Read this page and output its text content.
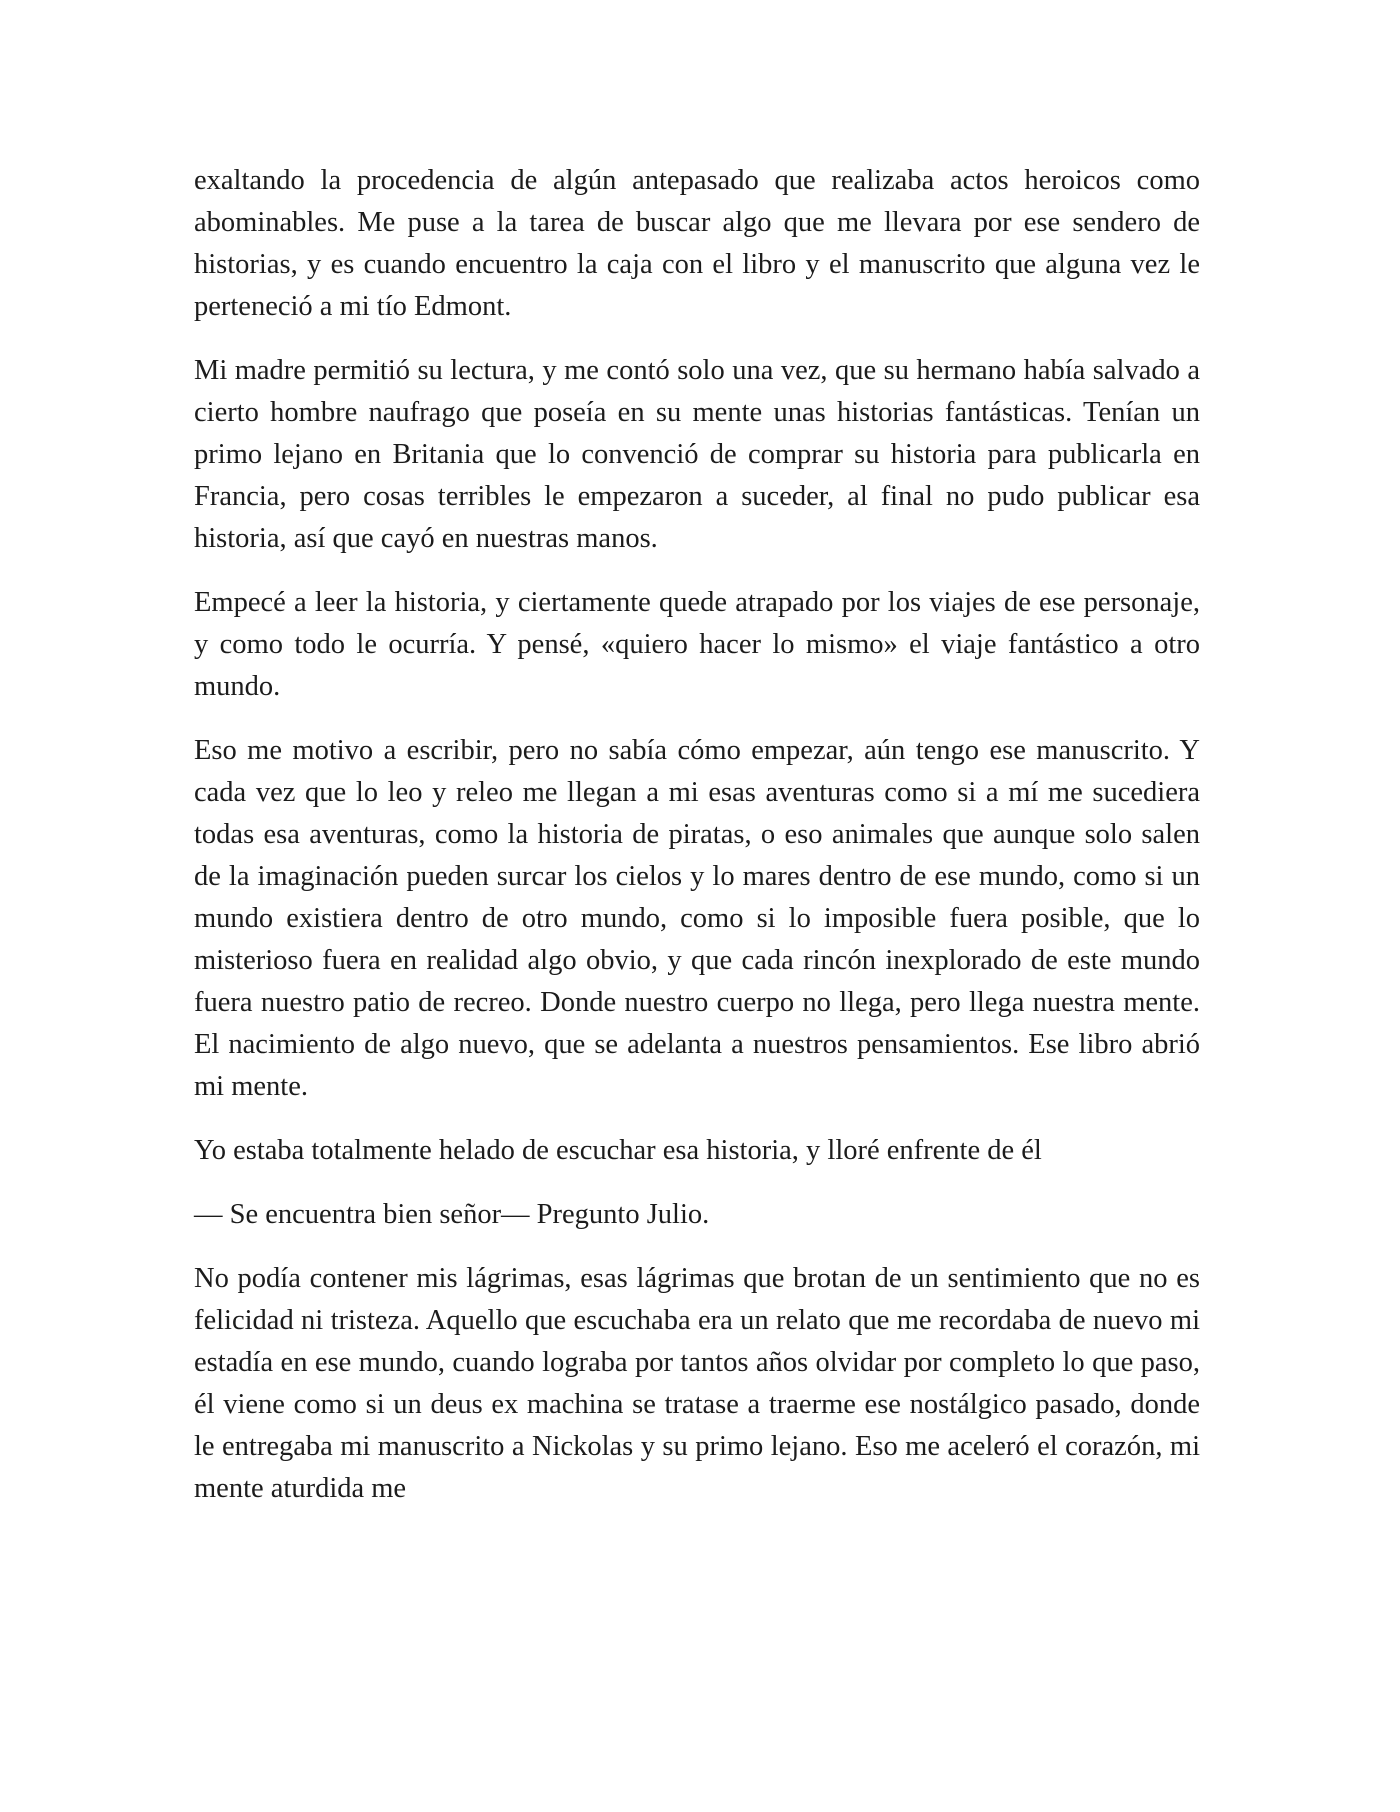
exaltando la procedencia de algún antepasado que realizaba actos heroicos como abominables. Me puse a la tarea de buscar algo que me llevara por ese sendero de historias, y es cuando encuentro la caja con el libro y el manuscrito que alguna vez le perteneció a mi tío Edmont.

Mi madre permitió su lectura, y me contó solo una vez, que su hermano había salvado a cierto hombre naufrago que poseía en su mente unas historias fantásticas. Tenían un primo lejano en Britania que lo convenció de comprar su historia para publicarla en Francia, pero cosas terribles le empezaron a suceder, al final no pudo publicar esa historia, así que cayó en nuestras manos.

Empecé a leer la historia, y ciertamente quede atrapado por los viajes de ese personaje, y como todo le ocurría. Y pensé, «quiero hacer lo mismo» el viaje fantástico a otro mundo.

Eso me motivo a escribir, pero no sabía cómo empezar, aún tengo ese manuscrito. Y cada vez que lo leo y releo me llegan a mi esas aventuras como si a mí me sucediera todas esa aventuras, como la historia de piratas, o eso animales que aunque solo salen de la imaginación pueden surcar los cielos y lo mares dentro de ese mundo, como si un mundo existiera dentro de otro mundo, como si lo imposible fuera posible, que lo misterioso fuera en realidad algo obvio, y que cada rincón inexplorado de este mundo fuera nuestro patio de recreo. Donde nuestro cuerpo no llega, pero llega nuestra mente. El nacimiento de algo nuevo, que se adelanta a nuestros pensamientos. Ese libro abrió mi mente.

Yo estaba totalmente helado de escuchar esa historia, y lloré enfrente de él

— Se encuentra bien señor— Pregunto Julio.

No podía contener mis lágrimas, esas lágrimas que brotan de un sentimiento que no es felicidad ni tristeza. Aquello que escuchaba era un relato que me recordaba de nuevo mi estadía en ese mundo, cuando lograba por tantos años olvidar por completo lo que paso, él viene como si un deus ex machina se tratase a traerme ese nostálgico pasado, donde le entregaba mi manuscrito a Nickolas y su primo lejano. Eso me aceleró el corazón, mi mente aturdida me
